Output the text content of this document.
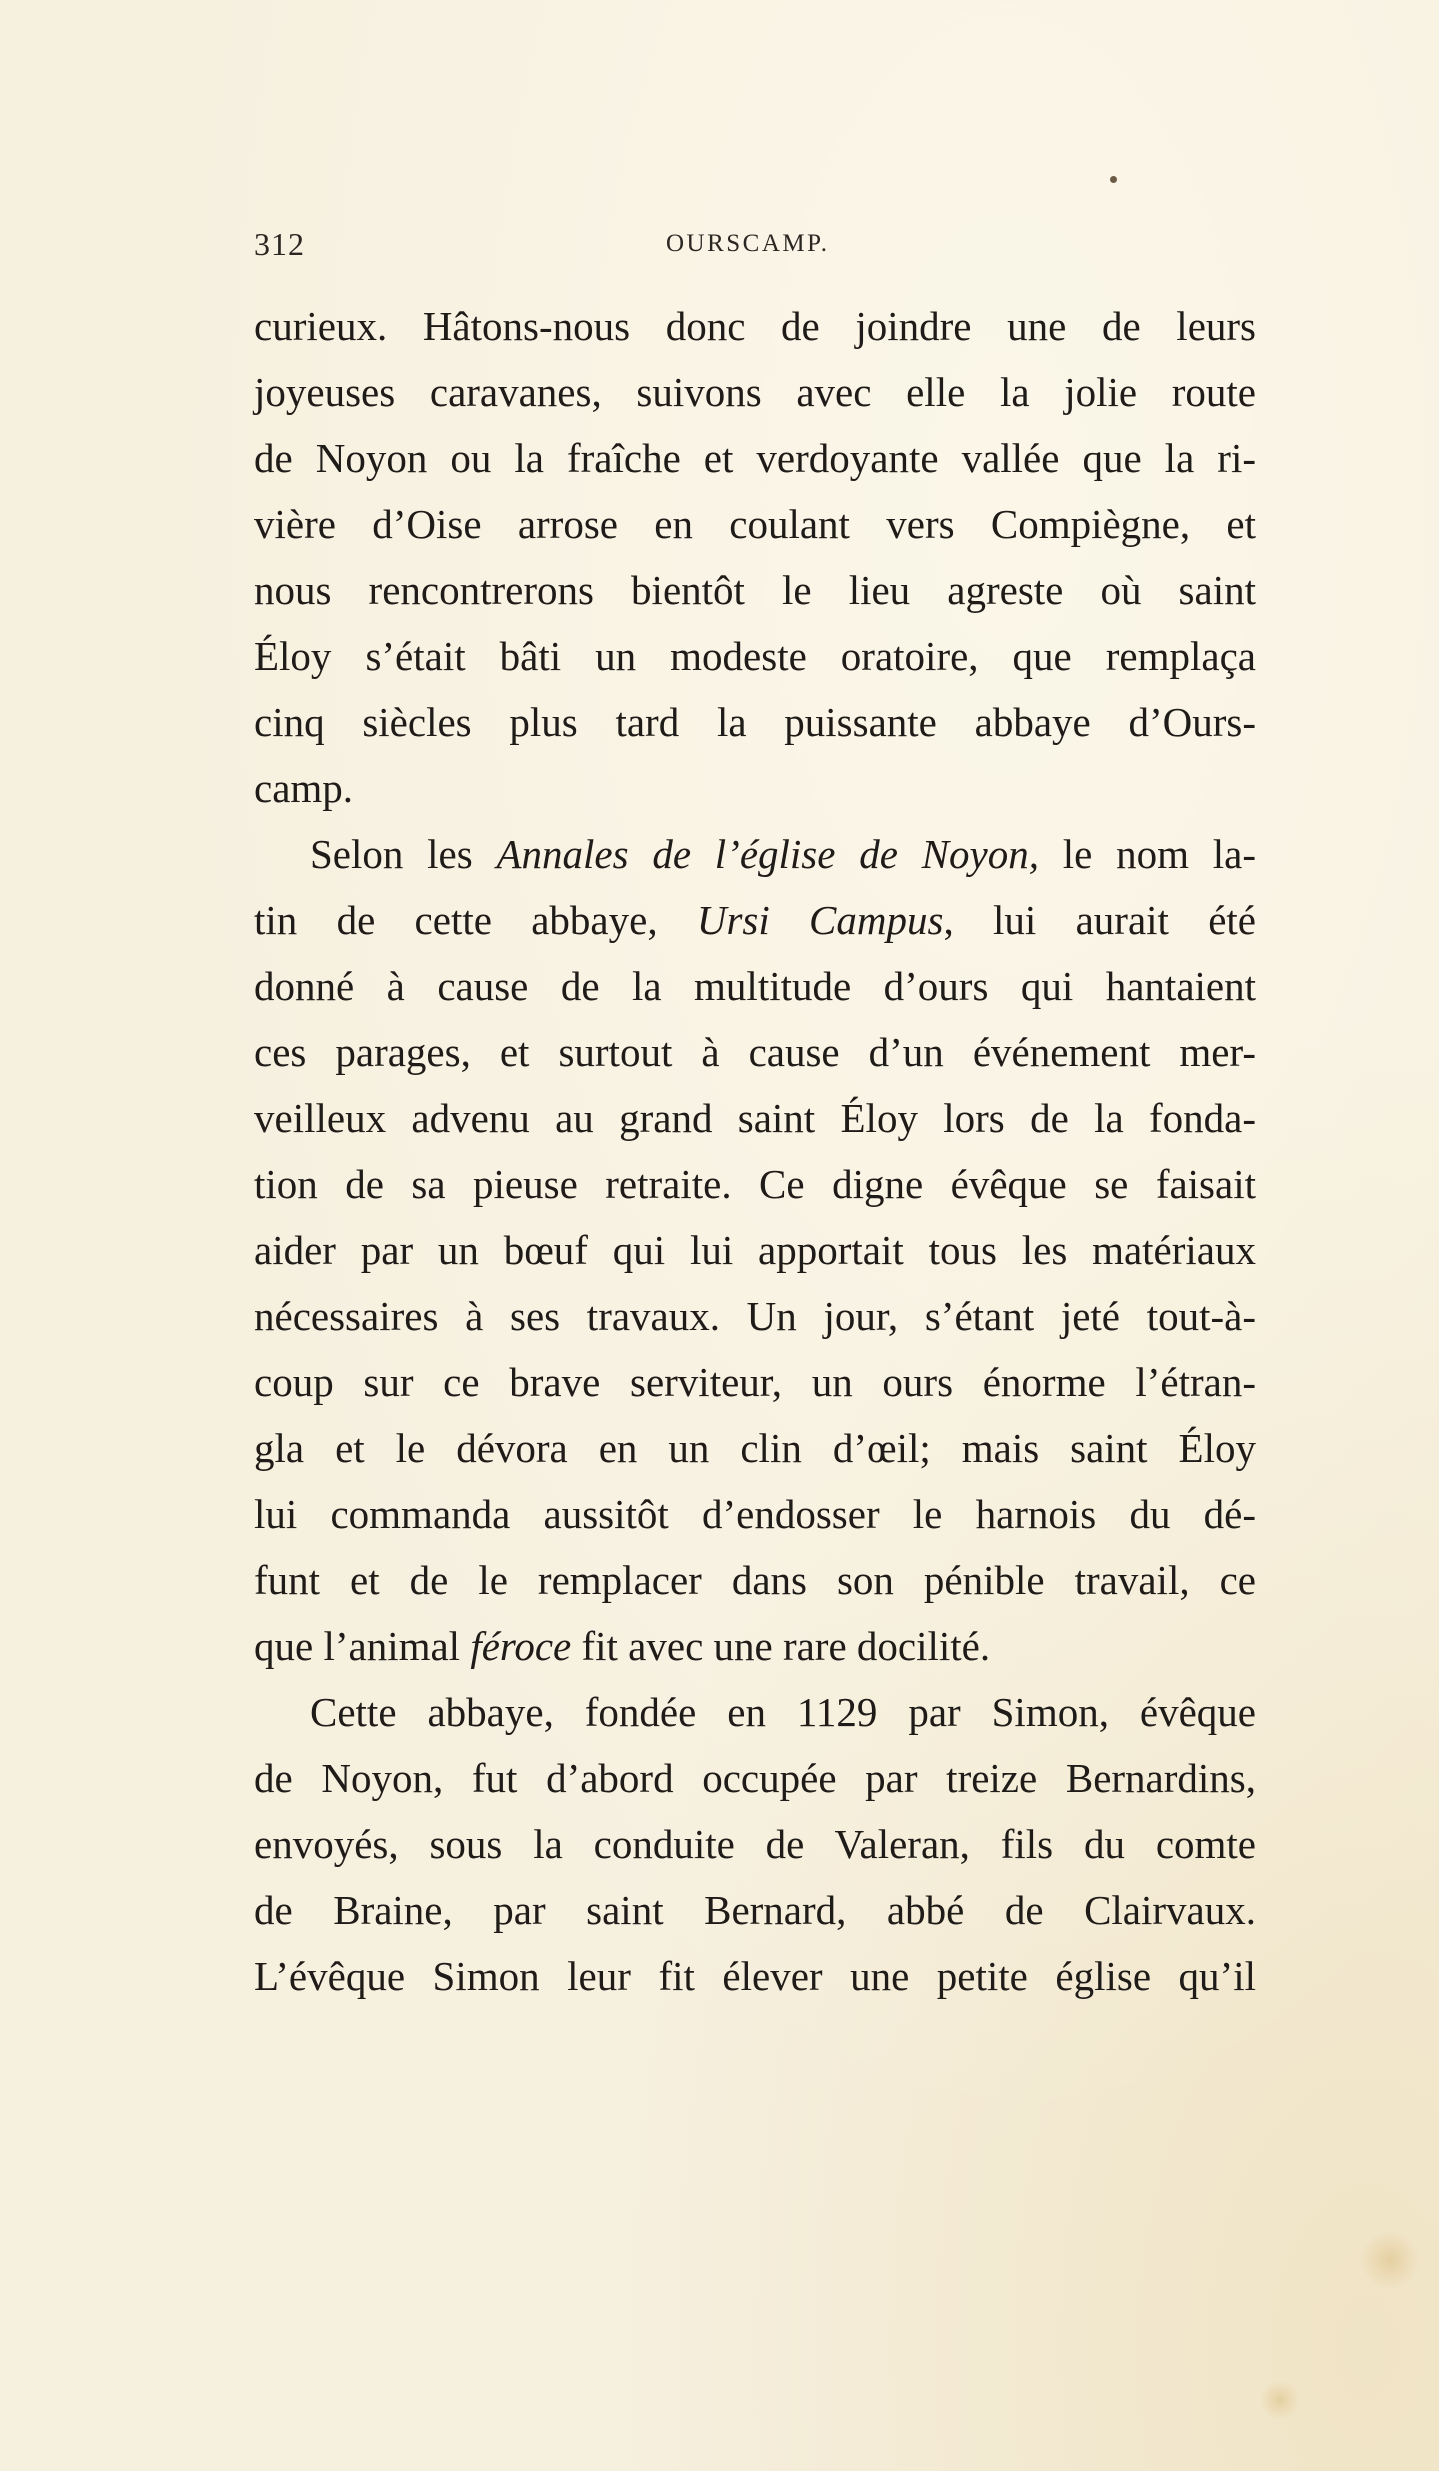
312	OURSCAMP.
curieux. Hâtons-nous donc de joindre une de leurs
joyeuses caravanes, suivons avec elle la jolie route
de Noyon ou la fraîche et verdoyante vallée que la ri-
vière d’Oise arrose en coulant vers Compiègne, et
nous rencontrerons bientôt le lieu agreste où saint
Éloy s’était bâti un modeste oratoire, que remplaça
cinq siècles plus tard la puissante abbaye d’Ours-
camp.
Selon les Annales de l’église de Noyon, le nom la-
tin de cette abbaye, Ursi Campus, lui aurait été
donné à cause de la multitude d’ours qui hantaient
ces parages, et surtout à cause d’un événement mer-
veilleux advenu au grand saint Éloy lors de la fonda-
tion de sa pieuse retraite. Ce digne évêque se faisait
aider par un bœuf qui lui apportait tous les matériaux
nécessaires à ses travaux. Un jour, s’étant jeté tout-à-
coup sur ce brave serviteur, un ours énorme l’étran-
gla et le dévora en un clin d’œil; mais saint Éloy
lui commanda aussitôt d’endosser le harnois du dé-
funt et de le remplacer dans son pénible travail, ce
que l’animal féroce fit avec une rare docilité.
Cette abbaye, fondée en 1129 par Simon, évêque
de Noyon, fut d’abord occupée par treize Bernardins,
envoyés, sous la conduite de Valeran, fils du comte
de Braine, par saint Bernard, abbé de Clairvaux.
L’évêque Simon leur fit élever une petite église qu’il
